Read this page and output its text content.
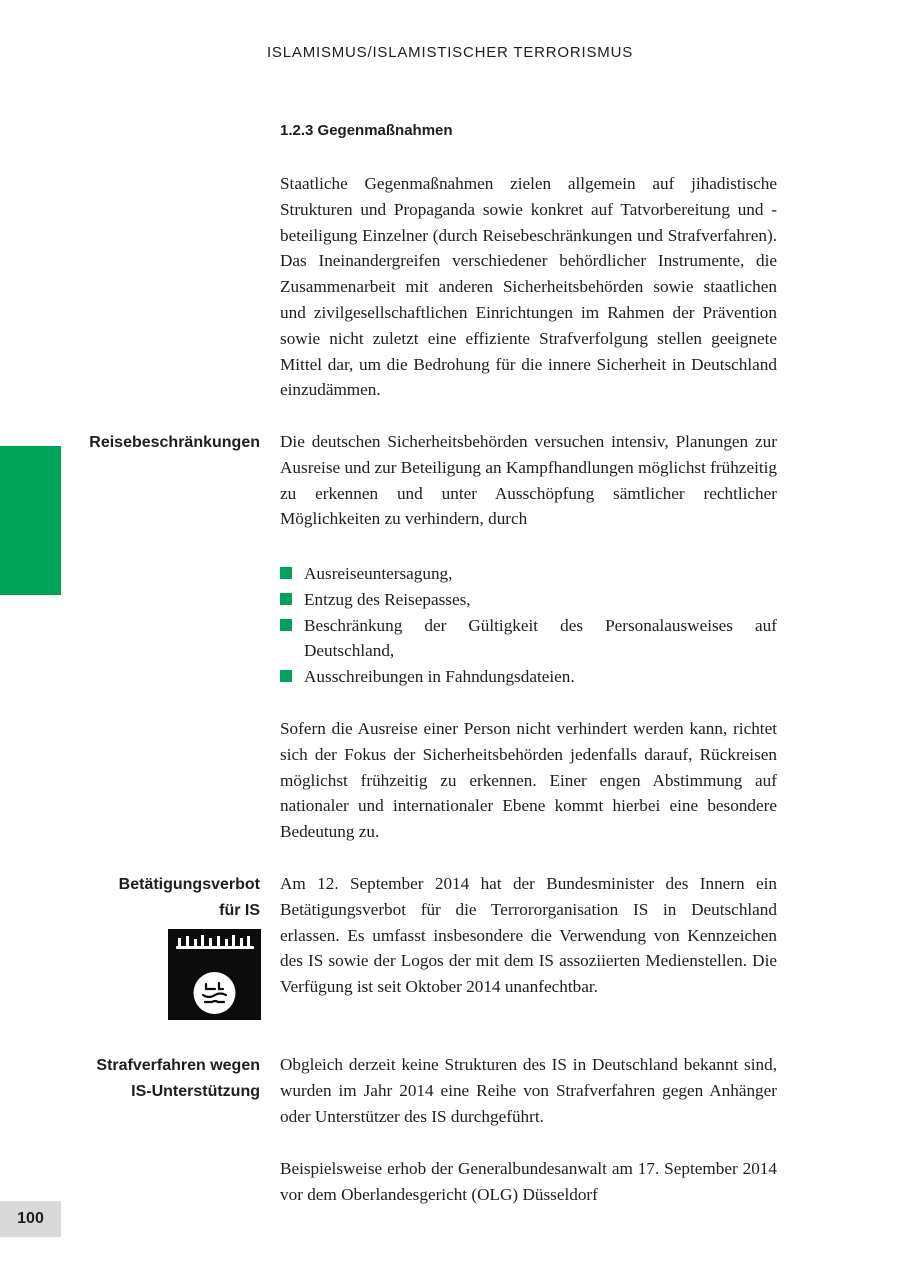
ISLAMISMUS/ISLAMISTISCHER TERRORISMUS
1.2.3 Gegenmaßnahmen

Staatliche Gegenmaßnahmen zielen allgemein auf jihadistische Strukturen und Propaganda sowie konkret auf Tatvorbereitung und -beteiligung Einzelner (durch Reisebeschränkungen und Strafverfahren). Das Ineinandergreifen verschiedener behördlicher Instrumente, die Zusammenarbeit mit anderen Sicherheitsbehörden sowie staatlichen und zivilgesellschaftlichen Einrichtungen im Rahmen der Prävention sowie nicht zuletzt eine effiziente Strafverfolgung stellen geeignete Mittel dar, um die Bedrohung für die innere Sicherheit in Deutschland einzudämmen.

Reisebeschränkungen Die deutschen Sicherheitsbehörden versuchen intensiv, Planungen zur Ausreise und zur Beteiligung an Kampfhandlungen möglichst frühzeitig zu erkennen und unter Ausschöpfung sämtlicher rechtlicher Möglichkeiten zu verhindern, durch

Ausreiseuntersagung,
Entzug des Reisepasses,
Beschränkung der Gültigkeit des Personalausweises auf Deutschland,
Ausschreibungen in Fahndungsdateien.

Sofern die Ausreise einer Person nicht verhindert werden kann, richtet sich der Fokus der Sicherheitsbehörden jedenfalls darauf, Rückreisen möglichst frühzeitig zu erkennen. Einer engen Abstimmung auf nationaler und internationaler Ebene kommt hierbei eine besondere Bedeutung zu.

Betätigungsverbot
für IS

Am 12. September 2014 hat der Bundesminister des Innern ein Betätigungsverbot für die Terrororganisation IS in Deutschland erlassen. Es umfasst insbesondere die Verwendung von Kennzeichen des IS sowie der Logos der mit dem IS assoziierten Medienstellen. Die Verfügung ist seit Oktober 2014 unanfechtbar.

Strafverfahren wegen
IS-Unterstützung

Obgleich derzeit keine Strukturen des IS in Deutschland bekannt sind, wurden im Jahr 2014 eine Reihe von Strafverfahren gegen Anhänger oder Unterstützer des IS durchgeführt.

Beispielsweise erhob der Generalbundesanwalt am 17. September 2014 vor dem Oberlandesgericht (OLG) Düsseldorf

100
